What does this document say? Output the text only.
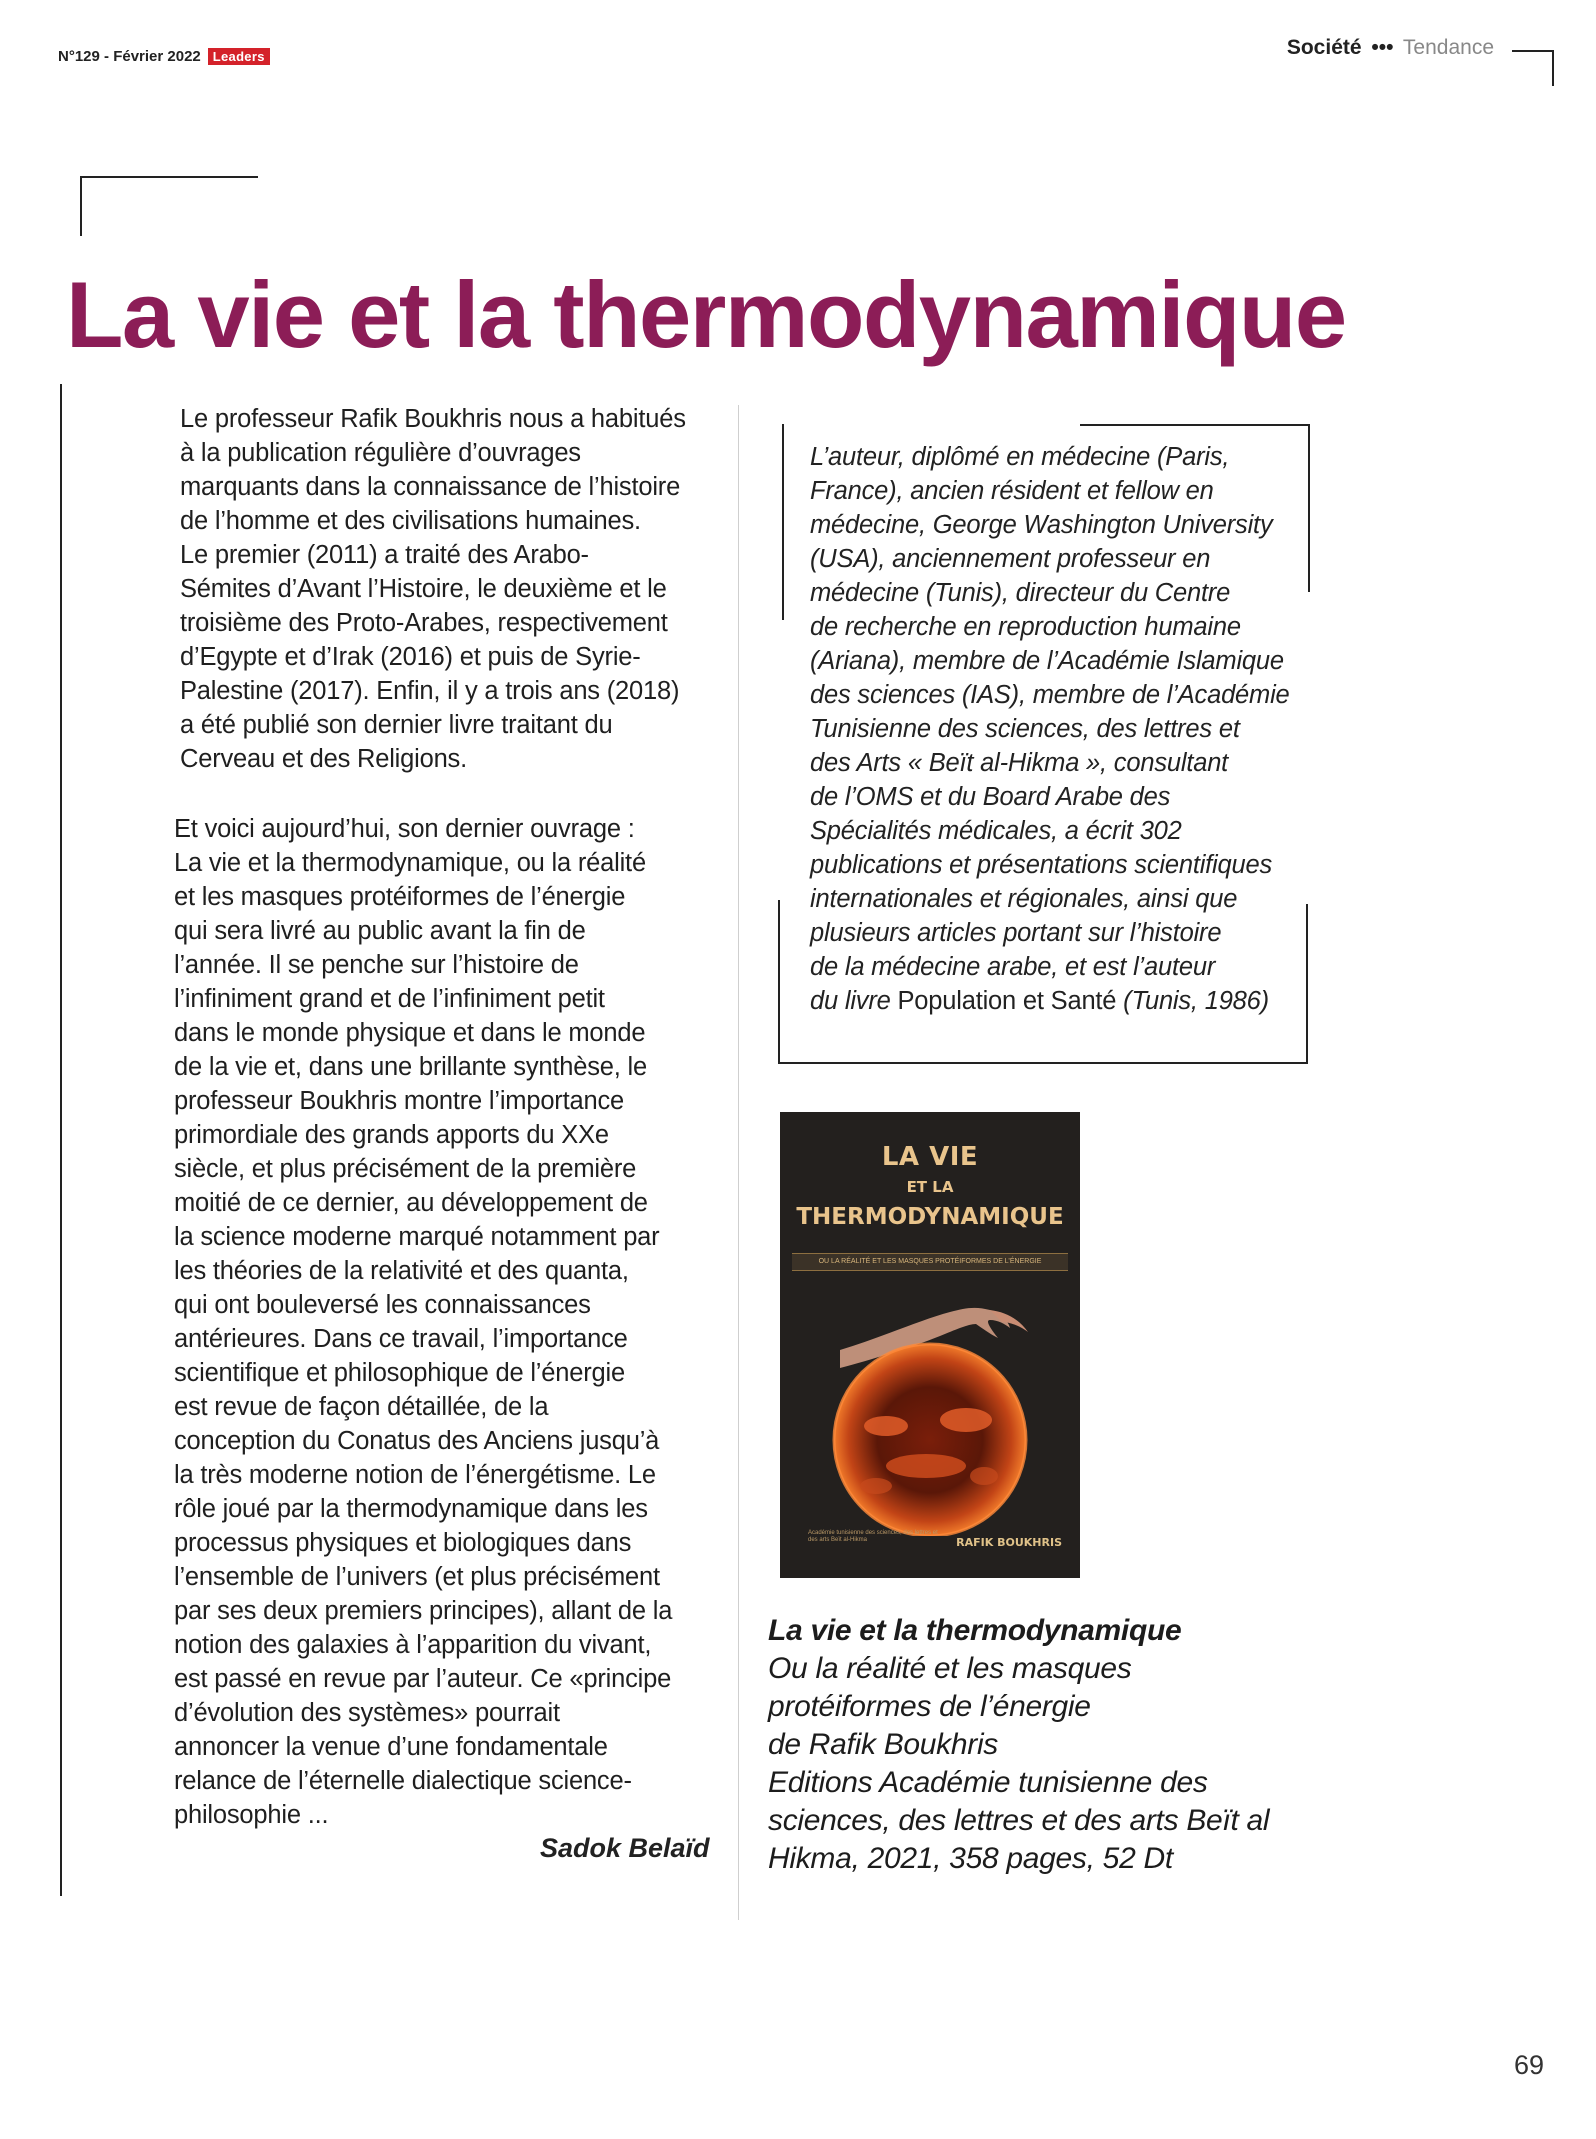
N°129 - Février 2022 Leaders	Société ••• Tendance
La vie et la thermodynamique
Le professeur Rafik Boukhris nous a habitués
à la publication régulière d’ouvrages
marquants dans la connaissance de l’histoire
de l’homme et des civilisations humaines.
Le premier (2011) a traité des Arabo-
Sémites d’Avant l’Histoire, le deuxième et le
troisième des Proto-Arabes, respectivement
d’Egypte et d’Irak (2016) et puis de Syrie-
Palestine (2017). Enfin, il y a trois ans (2018)
a été publié son dernier livre traitant du
Cerveau et des Religions.
Et voici aujourd’hui, son dernier ouvrage :
La vie et la thermodynamique, ou la réalité
et les masques protéiformes de l’énergie
qui sera livré au public avant la fin de
l’année. Il se penche sur l’histoire de
l’infiniment grand et de l’infiniment petit
dans le monde physique et dans le monde
de la vie et, dans une brillante synthèse, le
professeur Boukhris montre l’importance
primordiale des grands apports du XXe
siècle, et plus précisément de la première
moitié de ce dernier, au développement de
la science moderne marqué notamment par
les théories de la relativité et des quanta,
qui ont bouleversé les connaissances
antérieures. Dans ce travail, l’importance
scientifique et philosophique de l’énergie
est revue de façon détaillée, de la
conception du Conatus des Anciens jusqu’à
la très moderne notion de l’énergétisme. Le
rôle joué par la thermodynamique dans les
processus physiques et biologiques dans
l’ensemble de l’univers (et plus précisément
par ses deux premiers principes), allant de la
notion des galaxies à l’apparition du vivant,
est passé en revue par l’auteur. Ce «principe
d’évolution des systèmes» pourrait
annoncer la venue d’une fondamentale
relance de l’éternelle dialectique science-
philosophie ...
Sadok Belaïd
L’auteur, diplômé en médecine (Paris,
France), ancien résident et fellow en
médecine, George Washington University
(USA), anciennement professeur en
médecine (Tunis), directeur du Centre
de recherche en reproduction humaine
(Ariana), membre de l’Académie Islamique
des sciences (IAS), membre de l’Académie
Tunisienne des sciences, des lettres et
des Arts « Beït al-Hikma », consultant
de l’OMS et du Board Arabe des
Spécialités médicales, a écrit 302
publications et présentations scientifiques
internationales et régionales, ainsi que
plusieurs articles portant sur l’histoire
de la médecine arabe, et est l’auteur
du livre Population et Santé (Tunis, 1986)
LA VIE
ET LA
THERMODYNAMIQUE
OU LA RÉALITÉ ET LES MASQUES PROTÉIFORMES DE L’ÉNERGIE
Académie tunisienne des sciences, des lettres et des arts Beït al-Hikma	RAFIK BOUKHRIS
La vie et la thermodynamique
Ou la réalité et les masques
protéiformes de l’énergie
de Rafik Boukhris
Editions Académie tunisienne des
sciences, des lettres et des arts Beït al
Hikma, 2021, 358 pages, 52 Dt
69
